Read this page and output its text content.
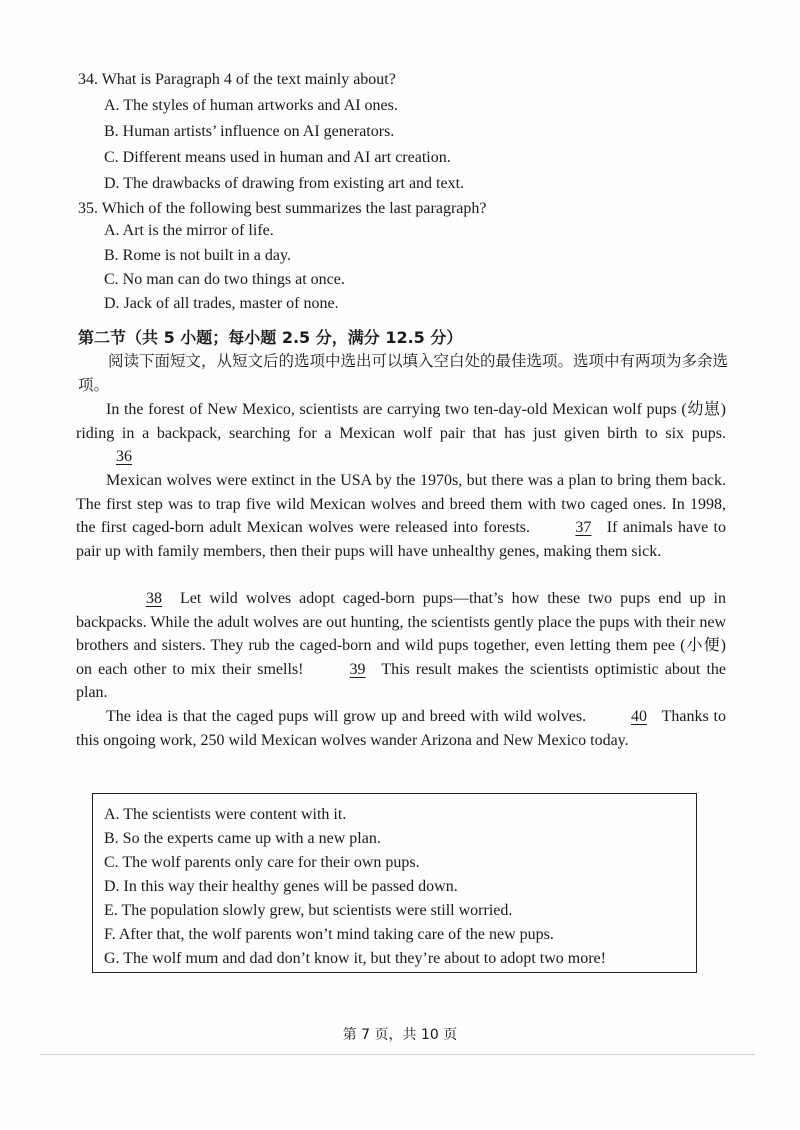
34. What is Paragraph 4 of the text mainly about?
A. The styles of human artworks and AI ones.
B. Human artists’ influence on AI generators.
C. Different means used in human and AI art creation.
D. The drawbacks of drawing from existing art and text.
35. Which of the following best summarizes the last paragraph?
A. Art is the mirror of life.
B. Rome is not built in a day.
C. No man can do two things at once.
D. Jack of all trades, master of none.
第二节（共 5 小题；每小题 2.5 分，满分 12.5 分）
阅读下面短文，从短文后的选项中选出可以填入空白处的最佳选项。选项中有两项为多余选项。
In the forest of New Mexico, scientists are carrying two ten-day-old Mexican wolf pups (幼崽) riding in a backpack, searching for a Mexican wolf pair that has just given birth to six pups. 36
Mexican wolves were extinct in the USA by the 1970s, but there was a plan to bring them back. The first step was to trap five wild Mexican wolves and breed them with two caged ones. In 1998, the first caged-born adult Mexican wolves were released into forests.	37 If animals have to pair up with family members, then their pups will have unhealthy genes, making them sick.
38 Let wild wolves adopt caged-born pups—that’s how these two pups end up in backpacks. While the adult wolves are out hunting, the scientists gently place the pups with their new brothers and sisters. They rub the caged-born and wild pups together, even letting them pee (小便) on each other to mix their smells!	39 This result makes the scientists optimistic about the plan.
The idea is that the caged pups will grow up and breed with wild wolves.	40 Thanks to this ongoing work, 250 wild Mexican wolves wander Arizona and New Mexico today.
A. The scientists were content with it.
B. So the experts came up with a new plan.
C. The wolf parents only care for their own pups.
D. In this way their healthy genes will be passed down.
E. The population slowly grew, but scientists were still worried.
F. After that, the wolf parents won’t mind taking care of the new pups.
G. The wolf mum and dad don’t know it, but they’re about to adopt two more!
第 7 页，共 10 页
